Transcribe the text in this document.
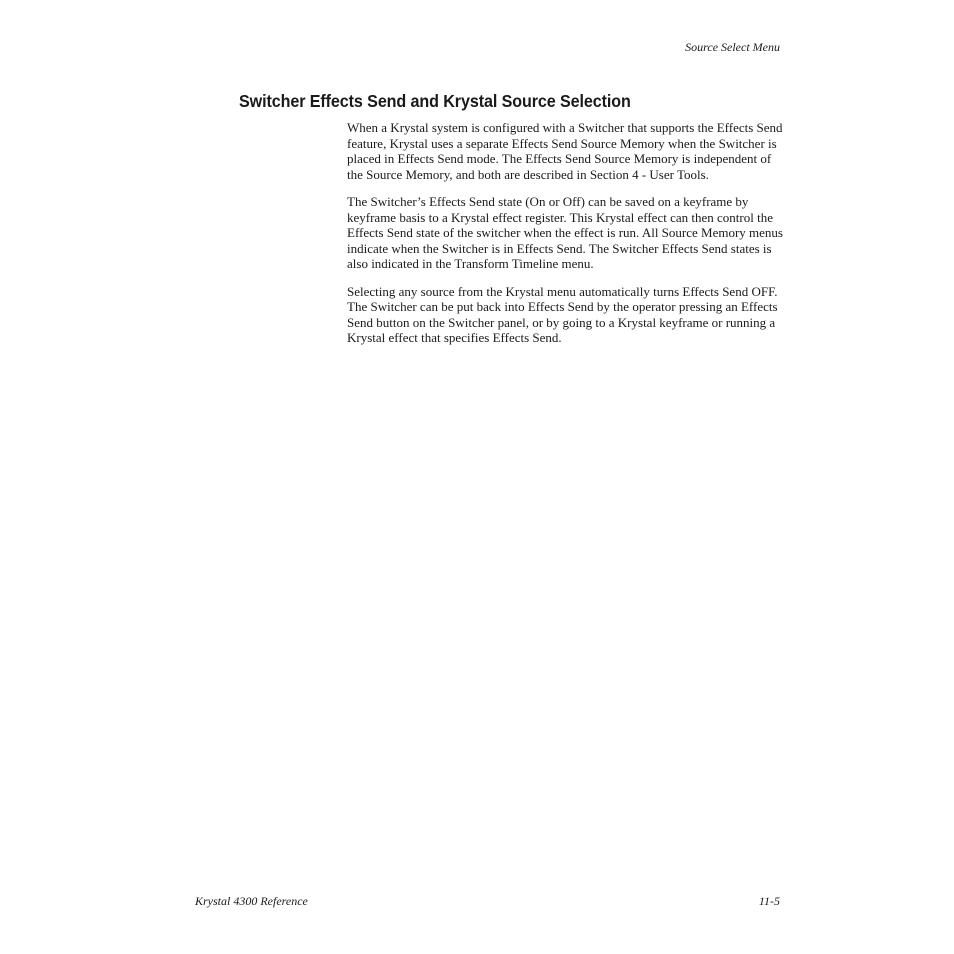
Source Select Menu
Switcher Effects Send and Krystal Source Selection

When a Krystal system is configured with a Switcher that supports the Effects Send feature, Krystal uses a separate Effects Send Source Memory when the Switcher is placed in Effects Send mode. The Effects Send Source Memory is independent of the Source Memory, and both are described in Section 4 - User Tools.

The Switcher’s Effects Send state (On or Off) can be saved on a keyframe by keyframe basis to a Krystal effect register. This Krystal effect can then control the Effects Send state of the switcher when the effect is run. All Source Memory menus indicate when the Switcher is in Effects Send. The Switcher Effects Send states is also indicated in the Transform Timeline menu.

Selecting any source from the Krystal menu automatically turns Effects Send OFF. The Switcher can be put back into Effects Send by the operator pressing an Effects Send button on the Switcher panel, or by going to a Krystal keyframe or running a Krystal effect that specifies Effects Send.

Krystal 4300 Reference	11-5
